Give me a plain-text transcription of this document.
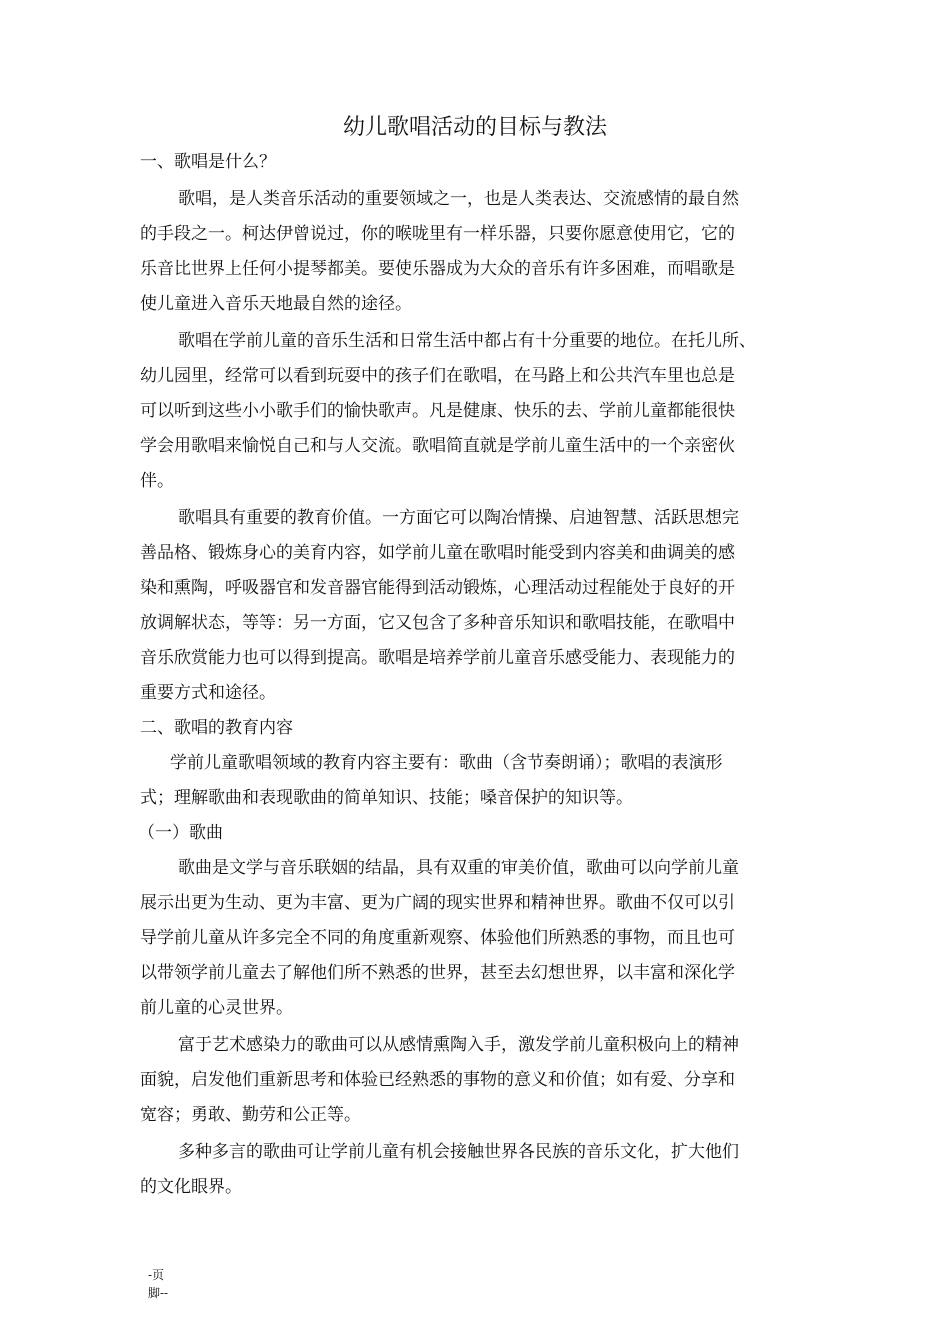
幼儿歌唱活动的目标与教法
一、歌唱是什么？
歌唱，是人类音乐活动的重要领域之一，也是人类表达、交流感情的最自然
的手段之一。柯达伊曾说过，你的喉咙里有一样乐器，只要你愿意使用它，它的
乐音比世界上任何小提琴都美。要使乐器成为大众的音乐有许多困难，而唱歌是
使儿童进入音乐天地最自然的途径。
歌唱在学前儿童的音乐生活和日常生活中都占有十分重要的地位。在托儿所、
幼儿园里，经常可以看到玩耍中的孩子们在歌唱，在马路上和公共汽车里也总是
可以听到这些小小歌手们的愉快歌声。凡是健康、快乐的去、学前儿童都能很快
学会用歌唱来愉悦自己和与人交流。歌唱简直就是学前儿童生活中的一个亲密伙
伴。
歌唱具有重要的教育价值。一方面它可以陶冶情操、启迪智慧、活跃思想完
善品格、锻炼身心的美育内容，如学前儿童在歌唱时能受到内容美和曲调美的感
染和熏陶，呼吸器官和发音器官能得到活动锻炼，心理活动过程能处于良好的开
放调解状态，等等：另一方面，它又包含了多种音乐知识和歌唱技能，在歌唱中
音乐欣赏能力也可以得到提高。歌唱是培养学前儿童音乐感受能力、表现能力的
重要方式和途径。
二、歌唱的教育内容
学前儿童歌唱领域的教育内容主要有：歌曲（含节奏朗诵）；歌唱的表演形
式；理解歌曲和表现歌曲的简单知识、技能；嗓音保护的知识等。
（一）歌曲
歌曲是文学与音乐联姻的结晶，具有双重的审美价值，歌曲可以向学前儿童
展示出更为生动、更为丰富、更为广阔的现实世界和精神世界。歌曲不仅可以引
导学前儿童从许多完全不同的角度重新观察、体验他们所熟悉的事物，而且也可
以带领学前儿童去了解他们所不熟悉的世界，甚至去幻想世界，以丰富和深化学
前儿童的心灵世界。
富于艺术感染力的歌曲可以从感情熏陶入手，激发学前儿童积极向上的精神
面貌，启发他们重新思考和体验已经熟悉的事物的意义和价值；如有爱、分享和
宽容；勇敢、勤劳和公正等。
多种多言的歌曲可让学前儿童有机会接触世界各民族的音乐文化，扩大他们
的文化眼界。
-页
脚--
